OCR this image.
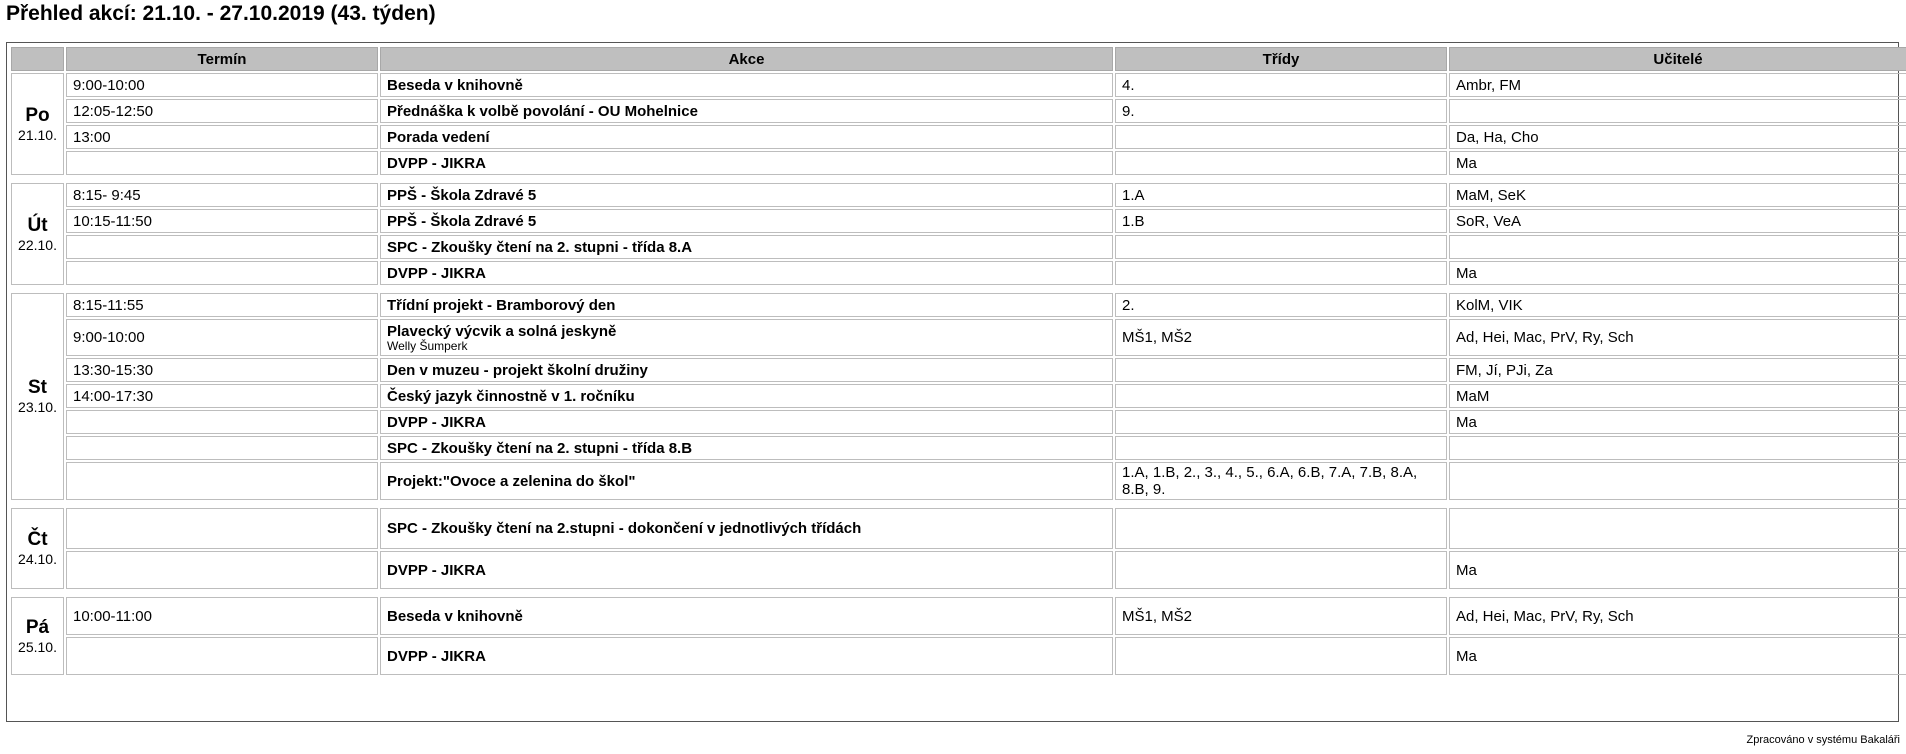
Přehled akcí: 21.10. - 27.10.2019 (43. týden)
	Termín	Akce	Třídy	Učitelé

Po
21.10.	9:00-10:00	Beseda v knihovně	4.	Ambr, FM
	12:05-12:50	Přednáška k volbě povolání - OU Mohelnice	9.	
	13:00	Porada vedení		Da, Ha, Cho
		DVPP - JIKRA		Ma

Út
22.10.	8:15- 9:45	PPŠ - Škola Zdravé 5	1.A	MaM, SeK
	10:15-11:50	PPŠ - Škola Zdravé 5	1.B	SoR, VeA
		SPC - Zkoušky čtení na 2. stupni - třída 8.A		
		DVPP - JIKRA		Ma

St
23.10.	8:15-11:55	Třídní projekt - Bramborový den	2.	KolM, VIK
	9:00-10:00	Plavecký výcvik a solná jeskyně
Welly Šumperk	MŠ1, MŠ2	Ad, Hei, Mac, PrV, Ry, Sch
	13:30-15:30	Den v muzeu - projekt školní družiny		FM, Jí, PJi, Za
	14:00-17:30	Český jazyk činnostně v 1. ročníku		MaM
		DVPP - JIKRA		Ma
		SPC - Zkoušky čtení na 2. stupni - třída 8.B		
		Projekt:"Ovoce a zelenina do škol"	1.A, 1.B, 2., 3., 4., 5., 6.A, 6.B, 7.A, 7.B, 8.A, 8.B, 9.	

Čt
24.10.		SPC - Zkoušky čtení na 2.stupni - dokončení v jednotlivých třídách		
		DVPP - JIKRA		Ma

Pá
25.10.	10:00-11:00	Beseda v knihovně	MŠ1, MŠ2	Ad, Hei, Mac, PrV, Ry, Sch
		DVPP - JIKRA		Ma
Zpracováno v systému Bakaláři
